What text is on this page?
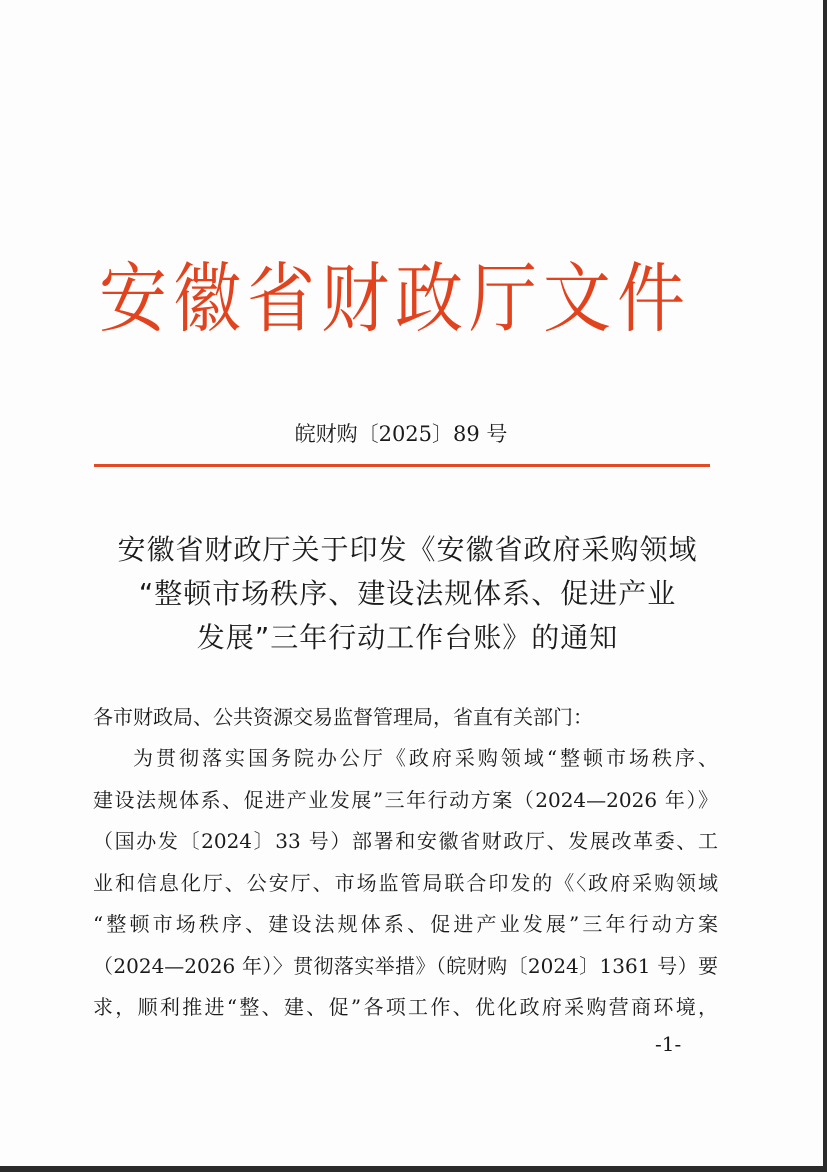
安徽省财政厅文件
皖财购〔2025〕89 号
安徽省财政厅关于印发《安徽省政府采购领域
“整顿市场秩序、建设法规体系、促进产业
发展”三年行动工作台账》的通知
各市财政局、公共资源交易监督管理局，省直有关部门：
为贯彻落实国务院办公厅《政府采购领域“整顿市场秩序、
建设法规体系、促进产业发展”三年行动方案（2024—2026 年）》
（国办发〔2024〕33 号）部署和安徽省财政厅、发展改革委、工
业和信息化厅、公安厅、市场监管局联合印发的《〈政府采购领域
“整顿市场秩序、建设法规体系、促进产业发展”三年行动方案
（2024—2026 年）〉贯彻落实举措》（皖财购〔2024〕1361 号）要
求，顺利推进“整、建、促”各项工作、优化政府采购营商环境，
-1-
